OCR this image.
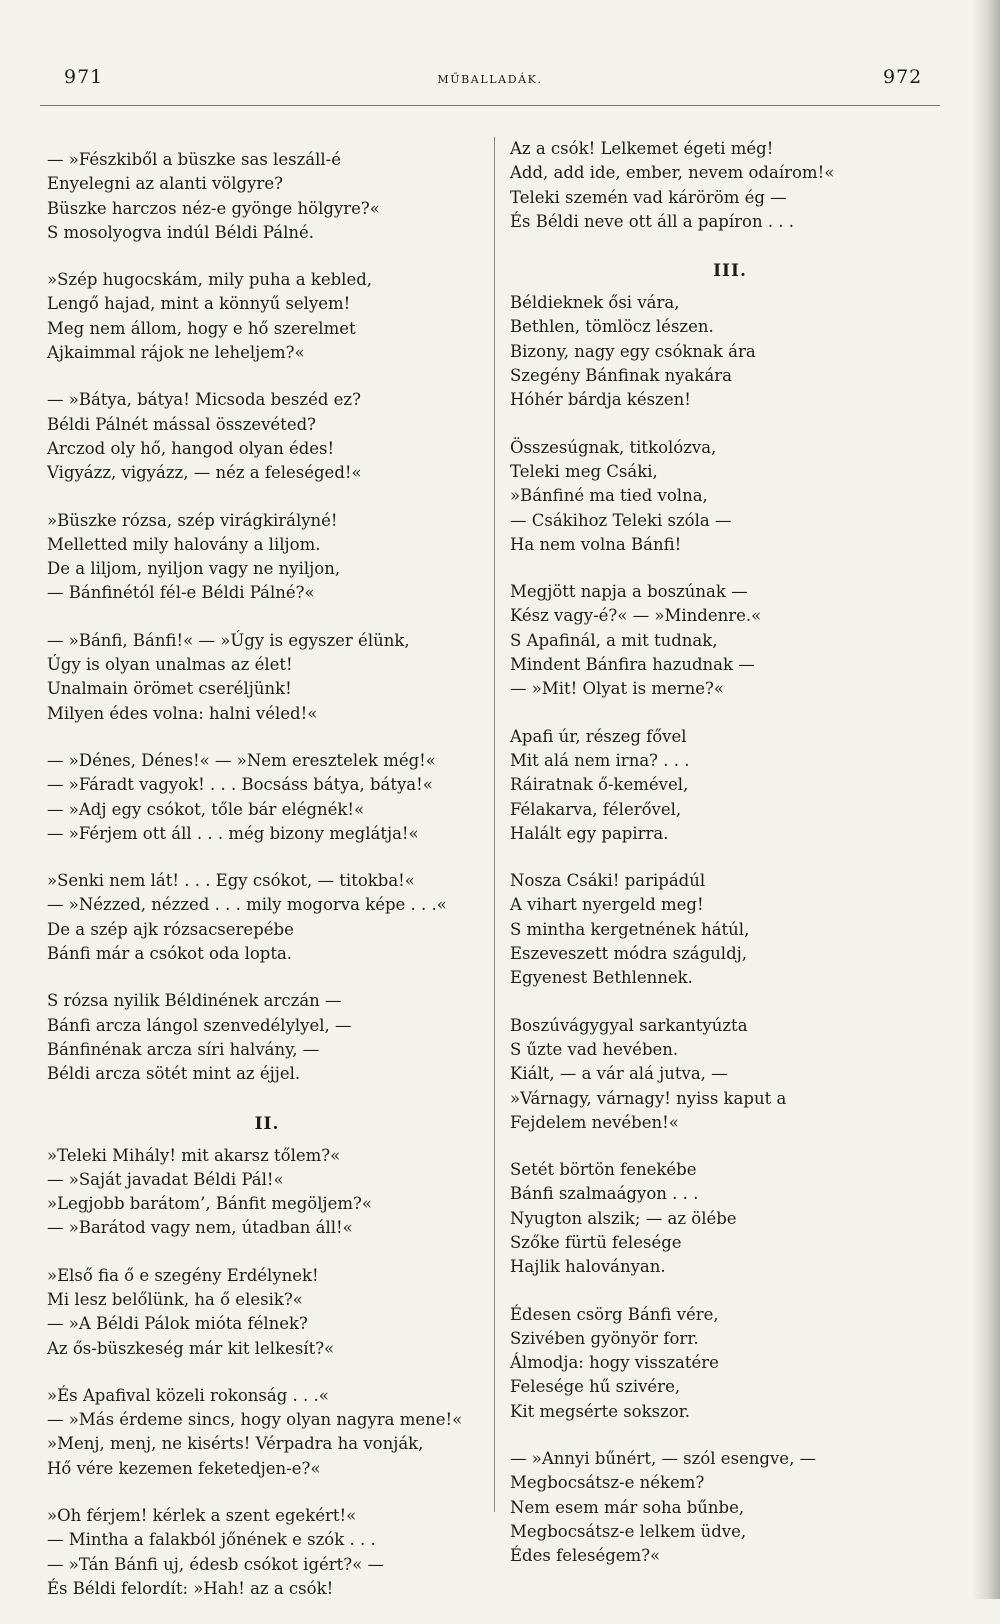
971	MŰBALLADÁK.	972
— »Fészkiből a büszke sas leszáll-é
Enyelegni az alanti völgyre?
Büszke harczos néz-e gyönge hölgyre?«
S mosolyogva indúl Béldi Pálné.
»Szép hugocskám, mily puha a kebled,
Lengő hajad, mint a könnyű selyem!
Meg nem állom, hogy e hő szerelmet
Ajkaimmal rájok ne leheljem?«
— »Bátya, bátya! Micsoda beszéd ez?
Béldi Pálnét mással összevéted?
Arczod oly hő, hangod olyan édes!
Vigyázz, vigyázz, — néz a feleséged!«
»Büszke rózsa, szép virágkirályné!
Melletted mily halovány a liljom.
De a liljom, nyiljon vagy ne nyiljon,
— Bánfinétól fél-e Béldi Pálné?«
— »Bánfi, Bánfi!« — »Úgy is egyszer élünk,
Úgy is olyan unalmas az élet!
Unalmain örömet cseréljünk!
Milyen édes volna: halni véled!«
— »Dénes, Dénes!« — »Nem eresztelek még!«
— »Fáradt vagyok! . . . Bocsáss bátya, bátya!«
— »Adj egy csókot, tőle bár elégnék!«
— »Férjem ott áll . . . még bizony meglátja!«
»Senki nem lát! . . . Egy csókot, — titokba!«
— »Nézzed, nézzed . . . mily mogorva képe . . .«
De a szép ajk rózsacserepébe
Bánfi már a csókot oda lopta.
S rózsa nyilik Béldinének arczán —
Bánfi arcza lángol szenvedélylyel, —
Bánfinénak arcza síri halvány, —
Béldi arcza sötét mint az éjjel.
II.
»Teleki Mihály! mit akarsz tőlem?«
— »Saját javadat Béldi Pál!«
»Legjobb barátom’, Bánfit megöljem?«
— »Barátod vagy nem, útadban áll!«
»Első fia ő e szegény Erdélynek!
Mi lesz belőlünk, ha ő elesik?«
— »A Béldi Pálok mióta félnek?
Az ős-büszkeség már kit lelkesít?«
»És Apafival közeli rokonság . . .«
— »Más érdeme sincs, hogy olyan nagyra mene!«
»Menj, menj, ne kisérts! Vérpadra ha vonják,
Hő vére kezemen feketedjen-e?«
»Oh férjem! kérlek a szent egekért!«
— Mintha a falakból jőnének e szók . . .
— »Tán Bánfi uj, édesb csókot igért?« —
És Béldi felordít: »Hah! az a csók!
Az a csók! Lelkemet égeti még!
Add, add ide, ember, nevem odaírom!«
Teleki szemén vad káröröm ég —
És Béldi neve ott áll a papíron . . .
III.
Béldieknek ősi vára,
Bethlen, tömlöcz lészen.
Bizony, nagy egy csóknak ára
Szegény Bánfinak nyakára
Hóhér bárdja készen!
Összesúgnak, titkolózva,
Teleki meg Csáki,
»Bánfiné ma tied volna,
— Csákihoz Teleki szóla —
Ha nem volna Bánfi!
Megjött napja a boszúnak —
Kész vagy-é?« — »Mindenre.«
S Apafinál, a mit tudnak,
Mindent Bánfira hazudnak —
— »Mit! Olyat is merne?«
Apafi úr, részeg fővel
Mit alá nem irna? . . .
Ráiratnak ő-kemével,
Félakarva, félerővel,
Halált egy papirra.
Nosza Csáki! paripádúl
A vihart nyergeld meg!
S mintha kergetnének hátúl,
Eszeveszett módra száguldj,
Egyenest Bethlennek.
Boszúvágygyal sarkantyúzta
S űzte vad hevében.
Kiált, — a vár alá jutva, —
»Várnagy, várnagy! nyiss kaput a
Fejdelem nevében!«
Setét börtön fenekébe
Bánfi szalmaágyon . . .
Nyugton alszik; — az ölébe
Szőke fürtü felesége
Hajlik haloványan.
Édesen csörg Bánfi vére,
Szivében gyönyör forr.
Álmodja: hogy visszatére
Felesége hű szivére,
Kit megsérte sokszor.
— »Annyi bűnért, — szól esengve, —
Megbocsátsz-e nékem?
Nem esem már soha bűnbe,
Megbocsátsz-e lelkem üdve,
Édes feleségem?«
